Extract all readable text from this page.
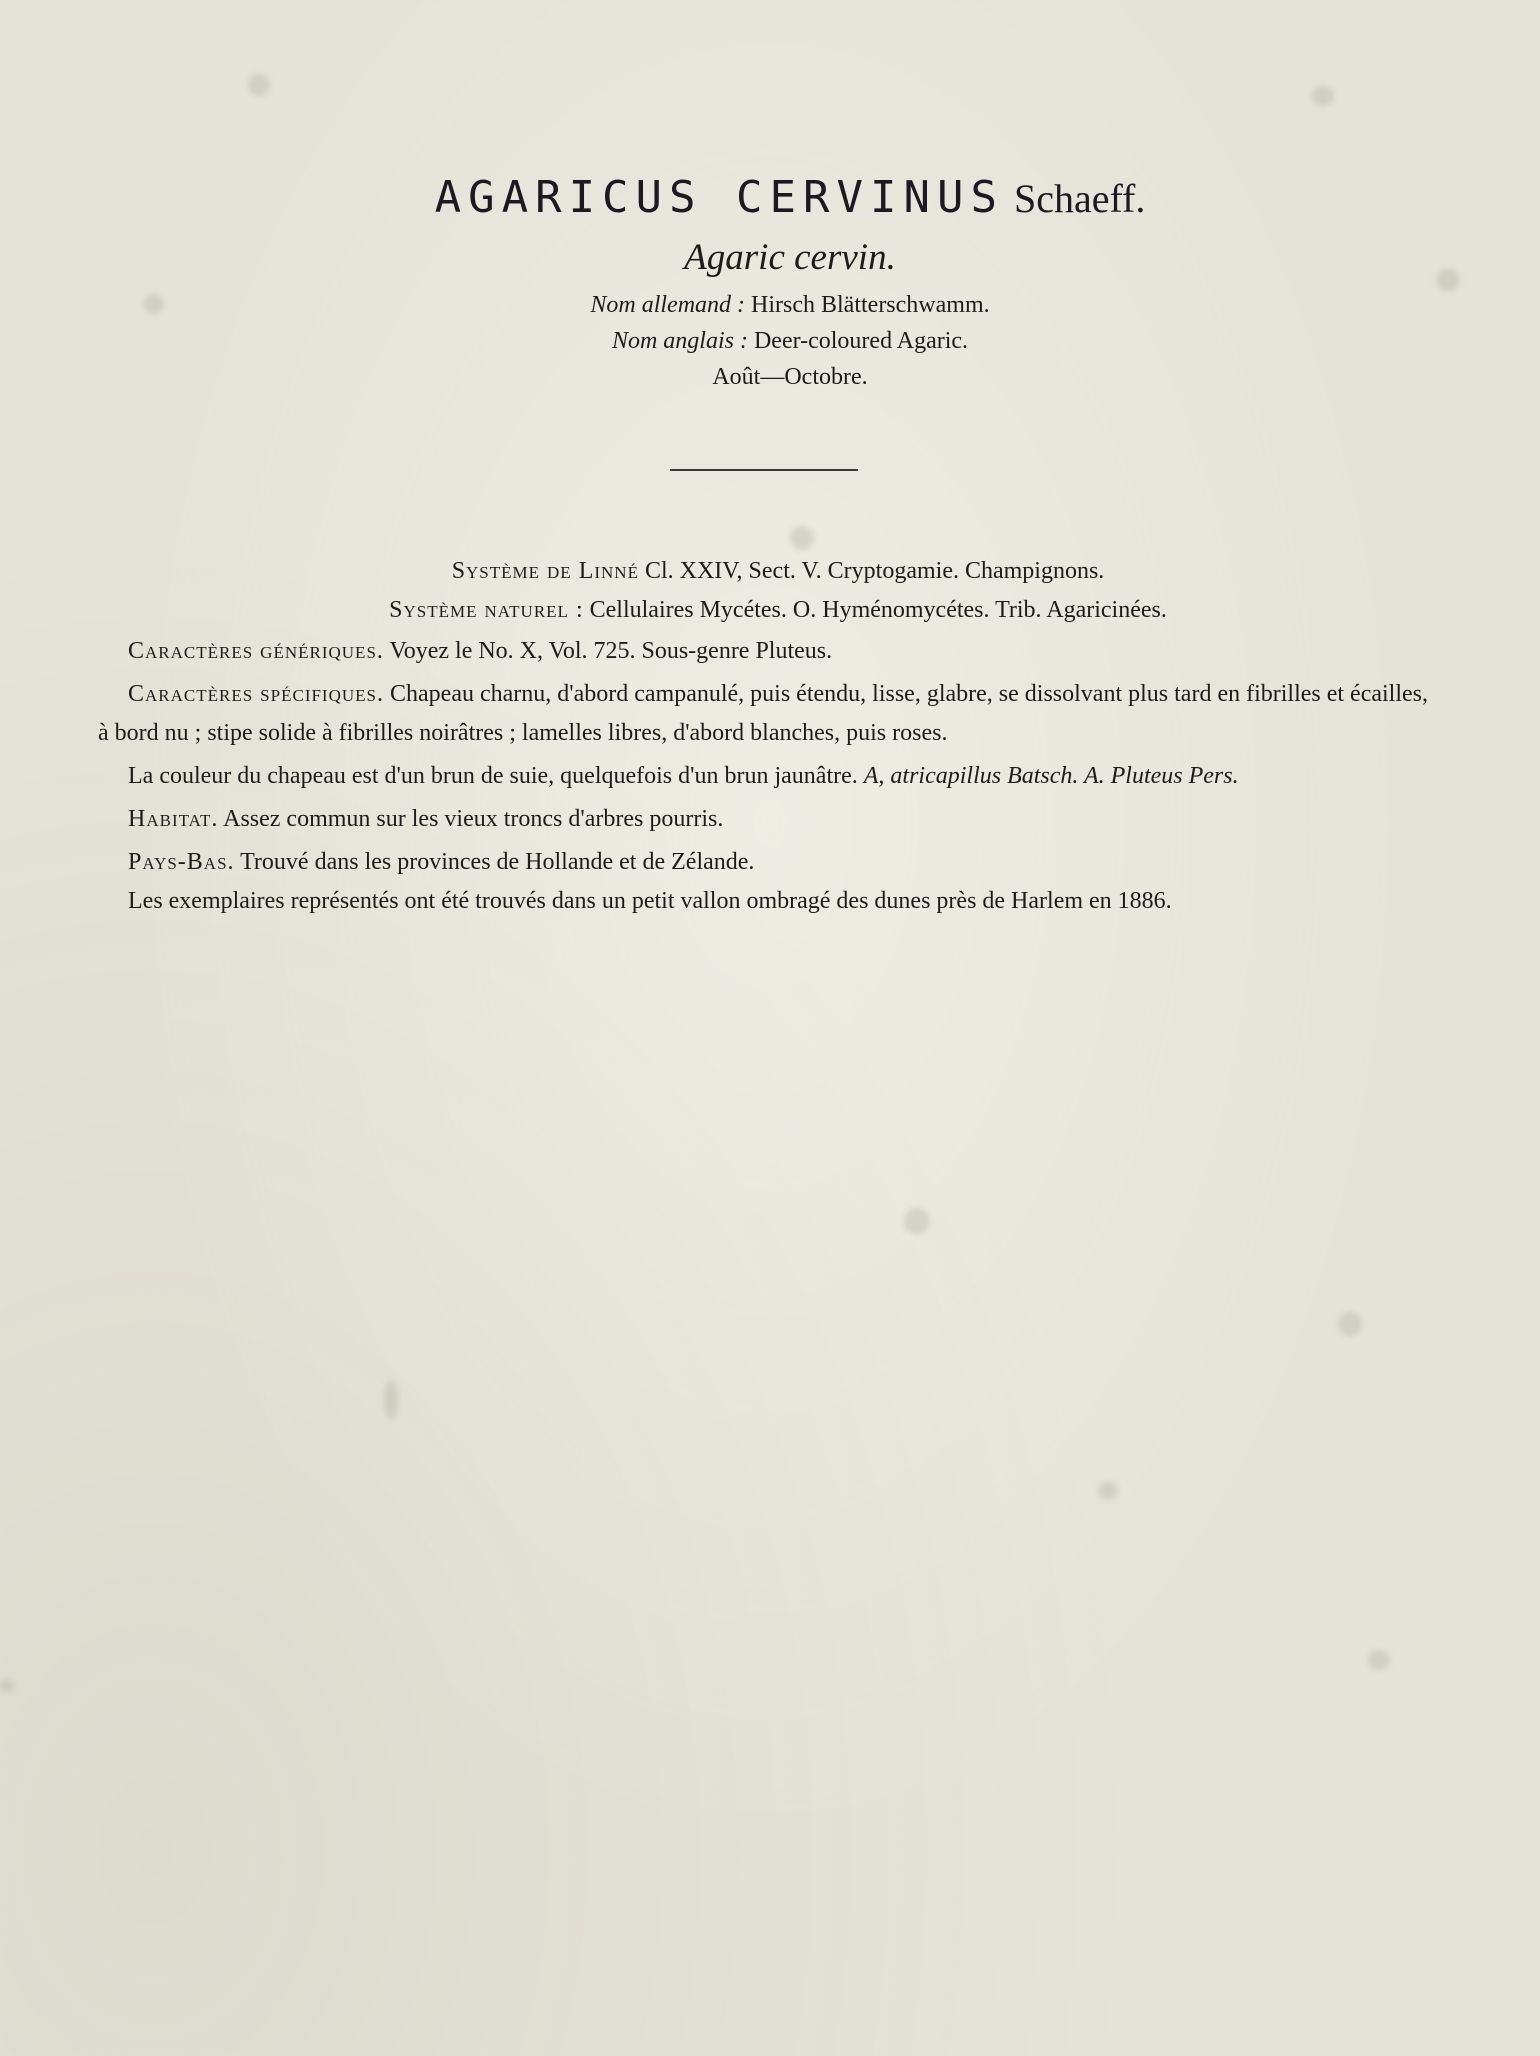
AGARICUS CERVINUS Schaeff.
Agaric cervin.
Nom allemand : Hirsch Blätterschwamm.
Nom anglais : Deer-coloured Agaric.
Août—Octobre.

Système de Linné Cl. XXIV, Sect. V. Cryptogamie. Champignons.

Système naturel : Cellulaires Mycétes. O. Hyménomycétes. Trib. Agaricinées.

Caractères génériques. Voyez le No. X, Vol. 725. Sous-genre Pluteus.

Caractères spécifiques. Chapeau charnu, d'abord campanulé, puis étendu, lisse, glabre, se dissolvant plus tard en fibrilles et écailles, à bord nu ; stipe solide à fibrilles noirâtres ; lamelles libres, d'abord blanches, puis roses.

La couleur du chapeau est d'un brun de suie, quelquefois d'un brun jaunâtre. A, atricapillus Batsch. A. Pluteus Pers.

Habitat. Assez commun sur les vieux troncs d'arbres pourris.

Pays-Bas. Trouvé dans les provinces de Hollande et de Zélande.

Les exemplaires représentés ont été trouvés dans un petit vallon ombragé des dunes près de Harlem en 1886.
